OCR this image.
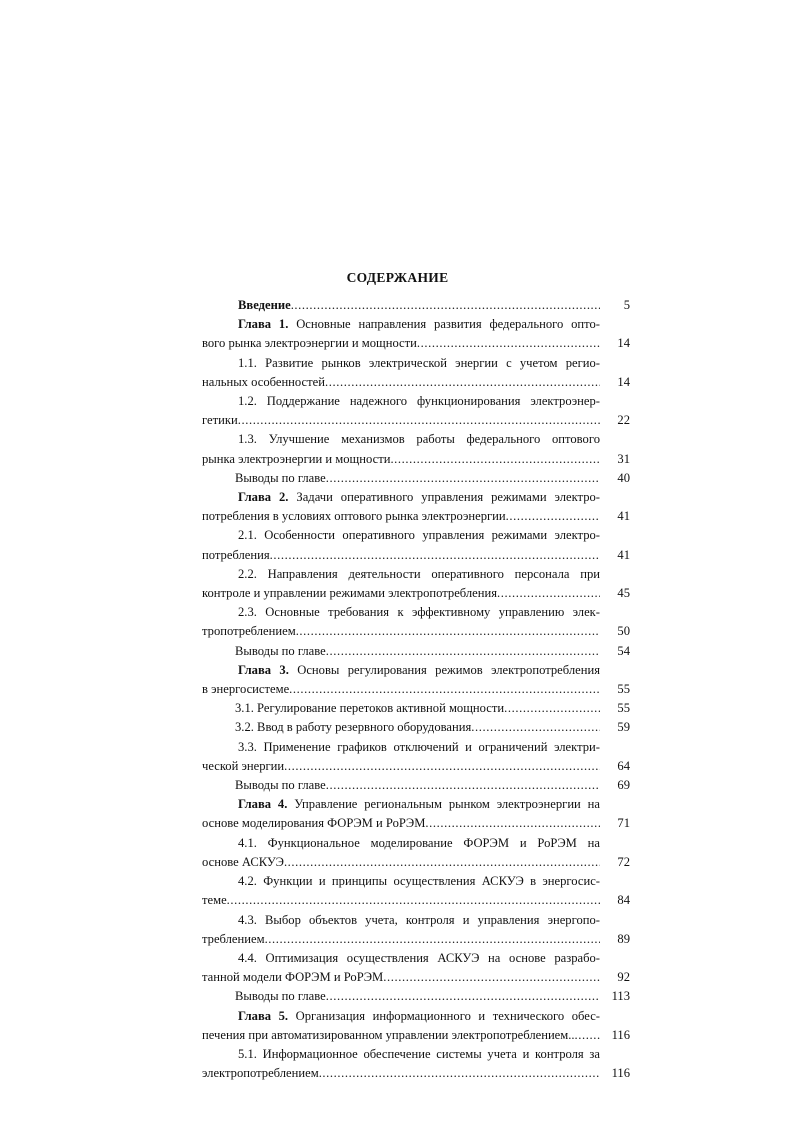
СОДЕРЖАНИЕ
Введение .....	5
Глава 1. Основные направления развития федерального опто-
вого рынка электроэнергии и мощности .....	14
1.1. Развитие рынков электрической энергии с учетом регио-
нальных особенностей .....	14
1.2. Поддержание надежного функционирования электроэнер-
гетики .....	22
1.3. Улучшение механизмов работы федерального оптового
рынка электроэнергии и мощности .....	31
Выводы по главе .....	40
Глава 2. Задачи оперативного управления режимами электро-
потребления в условиях оптового рынка электроэнергии .....	41
2.1. Особенности оперативного управления режимами электро-
потребления .....	41
2.2. Направления деятельности оперативного персонала при
контроле и управлении режимами электропотребления .....	45
2.3. Основные требования к эффективному управлению элек-
тропотреблением .....	50
Выводы по главе .....	54
Глава 3. Основы регулирования режимов электропотребления
в энергосистеме .....	55
3.1. Регулирование перетоков активной мощности .....	55
3.2. Ввод в работу резервного оборудования .....	59
3.3. Применение графиков отключений и ограничений электри-
ческой энергии .....	64
Выводы по главе .....	69
Глава 4. Управление региональным рынком электроэнергии на
основе моделирования ФОРЭМ и РоРЭМ .....	71
4.1. Функциональное моделирование ФОРЭМ и РоРЭМ на
основе АСКУЭ .....	72
4.2. Функции и принципы осуществления АСКУЭ в энергосис-
теме .....	84
4.3. Выбор объектов учета, контроля и управления энергопо-
треблением .....	89
4.4. Оптимизация осуществления АСКУЭ на основе разрабо-
танной модели ФОРЭМ и РоРЭМ .....	92
Выводы по главе .....	113
Глава 5. Организация информационного и технического обес-
печения при автоматизированном управлении электропотреблением.. .....	116
5.1. Информационное обеспечение системы учета и контроля за
электропотреблением .....	116
